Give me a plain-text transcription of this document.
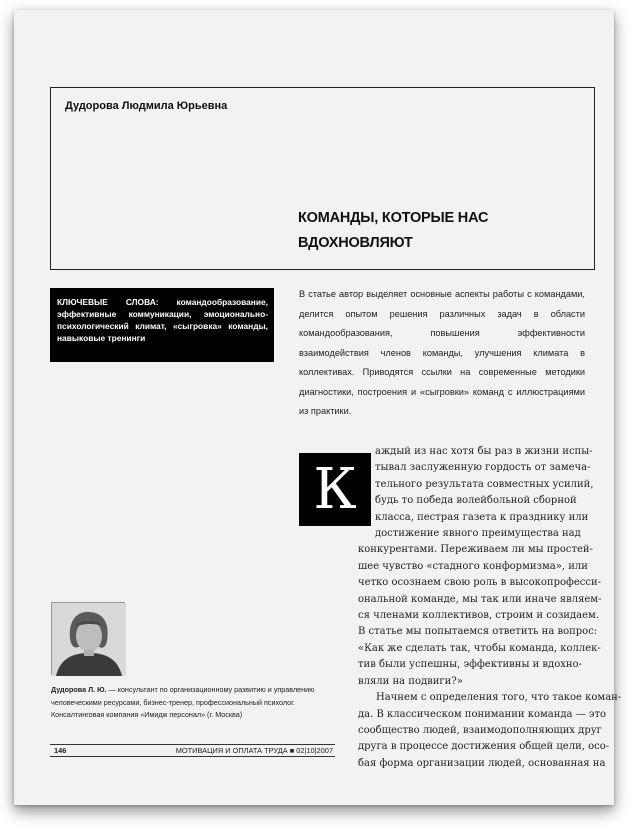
Дудорова Людмила Юрьевна
КОМАНДЫ, КОТОРЫЕ НАС
ВДОХНОВЛЯЮТ
КЛЮЧЕВЫЕ СЛОВА: командообразование, эффективные коммуникации, эмоционально-психологический климат, «сыгровка» команды, навыковые тренинги
В статье автор выделяет основные аспекты работы с командами, делится опытом решения различных задач в области командообразования, повышения эффективности взаимодействия членов команды, улучшения климата в коллективах. Приводятся ссылки на современные методики диагностики, построения и «сыгровки» команд с иллюстрациями из практики.
К
аждый из нас хотя бы раз в жизни испы-
тывал заслуженную гордость от замеча-
тельного результата совместных усилий,
будь то победа волейбольной сборной
класса, пестрая газета к празднику или
достижение явного преимущества над
конкурентами. Переживаем ли мы простей-
шее чувство «стадного конформизма», или
четко осознаем свою роль в высокопрофесси-
ональной команде, мы так или иначе являем-
ся членами коллективов, строим и созидаем.
В статье мы попытаемся ответить на вопрос:
«Как же сделать так, чтобы команда, коллек-
тив были успешны, эффективны и вдохно-
вляли на подвиги?»
Начнем с определения того, что такое коман-
да. В классическом понимании команда — это
сообщество людей, взаимодополняющих друг
друга в процессе достижения общей цели, осо-
бая форма организации людей, основанная на
Дудорова Л. Ю. — консультант по организационному развитию и управлению человеческими ресурсами, бизнес-тренер, профессиональный психолог. Консалтинговая компания «Имидж персонал» (г. Москва)
146	МОТИВАЦИЯ И ОПЛАТА ТРУДА ■ 02|10|2007
